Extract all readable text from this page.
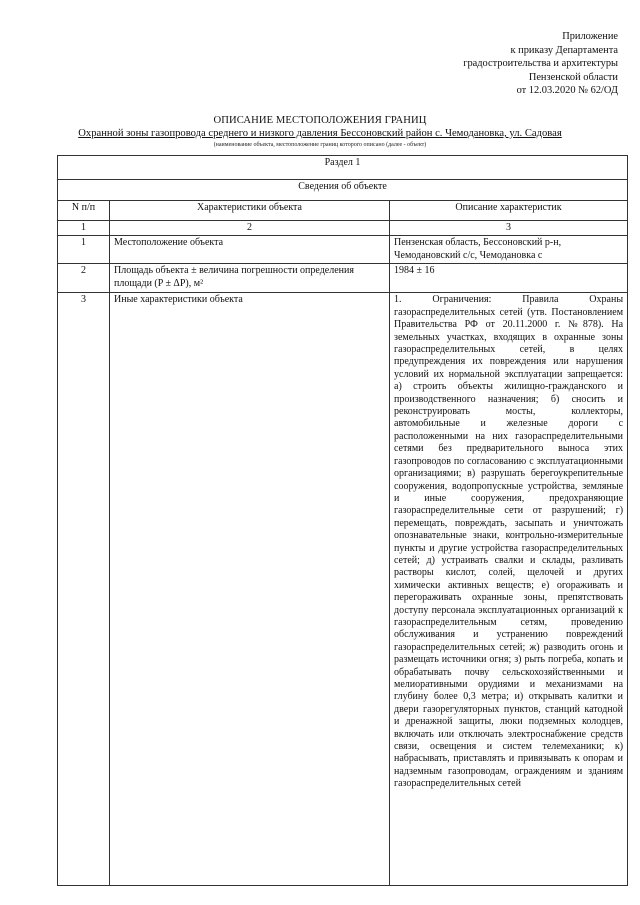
Приложение
к приказу Департамента
градостроительства и архитектуры
Пензенской области
от 12.03.2020 № 62/ОД
ОПИСАНИЕ МЕСТОПОЛОЖЕНИЯ ГРАНИЦ
Охранной зоны газопровода среднего и низкого давления Бессоновский район с. Чемодановка, ул. Садовая
(наименование объекта, местоположение границ которого описано (далее - объект)
Раздел 1		
Сведения об объекте		
N п/п	Характеристики объекта	Описание характеристик
1	2	3
1	Местоположение объекта	Пензенская область, Бессоновский р-н, Чемодановский с/с, Чемодановка с
2	Площадь объекта ± величина погрешности определения площади (P ± ΔP), м²	1984 ± 16
3	Иные характеристики объекта	1. Ограничения: Правила Охраны газораспределительных сетей (утв. Постановлением Правительства РФ от 20.11.2000 г. №878). На земельных участках, входящих в охранные зоны газораспределительных сетей, в целях предупреждения их повреждения или нарушения условий их нормальной эксплуатации запрещается: а) строить объекты жилищно-гражданского и производственного назначения; б) сносить и реконструировать мосты, коллекторы, автомобильные и железные дороги с расположенными на них газораспределительными сетями без предварительного выноса этих газопроводов по согласованию с эксплуатационными организациями; в) разрушать берегоукрепительные сооружения, водопропускные устройства, земляные и иные сооружения, предохраняющие газораспределительные сети от разрушений; г) перемещать, повреждать, засыпать и уничтожать опознавательные знаки, контрольно-измерительные пункты и другие устройства газораспределительных сетей; д) устраивать свалки и склады, разливать растворы кислот, солей, щелочей и других химически активных веществ; е) огораживать и перегораживать охранные зоны, препятствовать доступу персонала эксплуатационных организаций к газораспределительным сетям, проведению обслуживания и устранению повреждений газораспределительных сетей; ж) разводить огонь и размещать источники огня; з) рыть погреба, копать и обрабатывать почву сельскохозяйственными и мелиоративными орудиями и механизмами на глубину более 0,3 метра; и) открывать калитки и двери газорегуляторных пунктов, станций катодной и дренажной защиты, люки подземных колодцев, включать или отключать электроснабжение средств связи, освещения и систем телемеханики; к) набрасывать, приставлять и привязывать к опорам и надземным газопроводам, ограждениям и зданиям газораспределительных сетей
